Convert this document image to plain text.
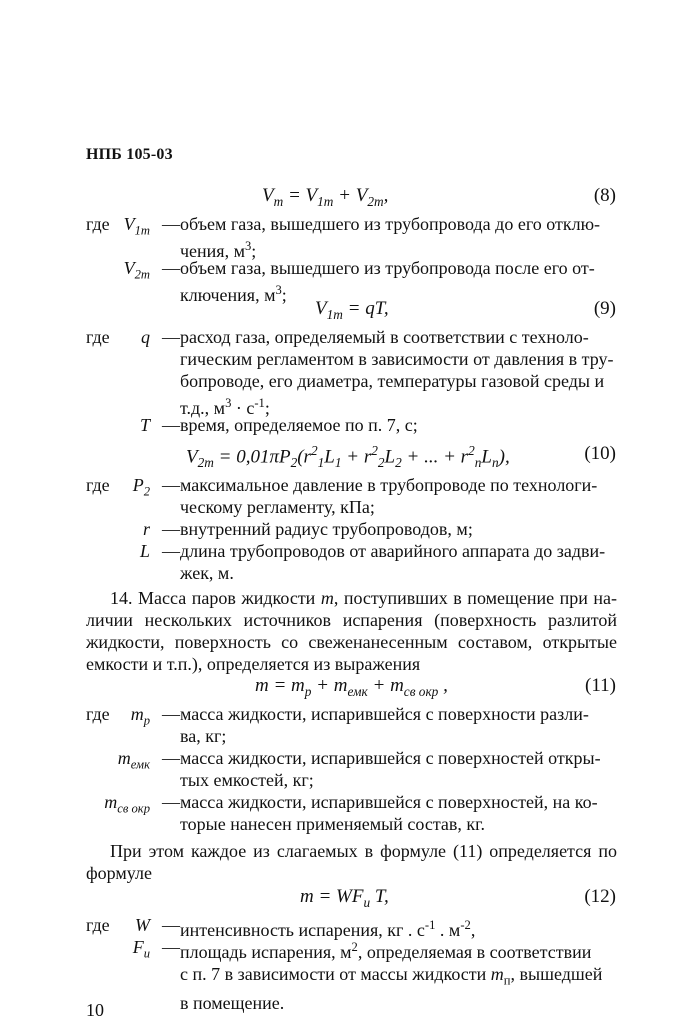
НПБ 105-03
$V_т = V_{1т} + V_{2т}$,	(8)
где $V_{1т}$ — объем газа, вышедшего из трубопровода до его отклю-
чения, $м^3$;
$V_{2т}$ — объем газа, вышедшего из трубопровода после его от-
ключения, $м^3$;
$V_{1т}$ = qT,	(9)
где q — расход газа, определяемый в соответствии с техноло-
гическим регламентом в зависимости от давления в тру-
бопроводе, его диаметра, температуры газовой среды и
т.д., $м^3 \cdot с^{-1}$;
T — время, определяемое по п. 7, с;
$V_{2т} = 0,01\pi P_2(r^2_1L_1 + r^2_2L_2$ + ... + $r^2_nL_n$),	(10)
где $P_2$ — максимальное давление в трубопроводе по технологи-
ческому регламенту, кПа;
r — внутренний радиус трубопроводов, м;
L — длина трубопроводов от аварийного аппарата до задви-
жек, м.
14. Масса паров жидкости m, поступивших в помещение при на-личии нескольких источников испарения (поверхность разлитой жидкости, поверхность со свеженанесенным составом, открытые емкости и т.п.), определяется из выражения
$m = m_р + m_{емк} + m_{св окр}$ ,	(11)
где $m_р$ — масса жидкости, испарившейся с поверхности разли-
ва, кг;
$m_{емк}$ — масса жидкости, испарившейся с поверхностей откры-
тых емкостей, кг;
$m_{св окр}$ — масса жидкости, испарившейся с поверхностей, на ко-
торые нанесен применяемый состав, кг.
При этом каждое из слагаемых в формуле (11) определяется по формуле
$m = WF_и$ T,	(12)
где W — интенсивность испарения, кг . $с^{-1}$ . $м^{-2}$,
$F_и$ — площадь испарения, $м^2$, определяемая в соответствии
с п. 7 в зависимости от массы жидкости $m_п$, вышедшей
в помещение.
10
